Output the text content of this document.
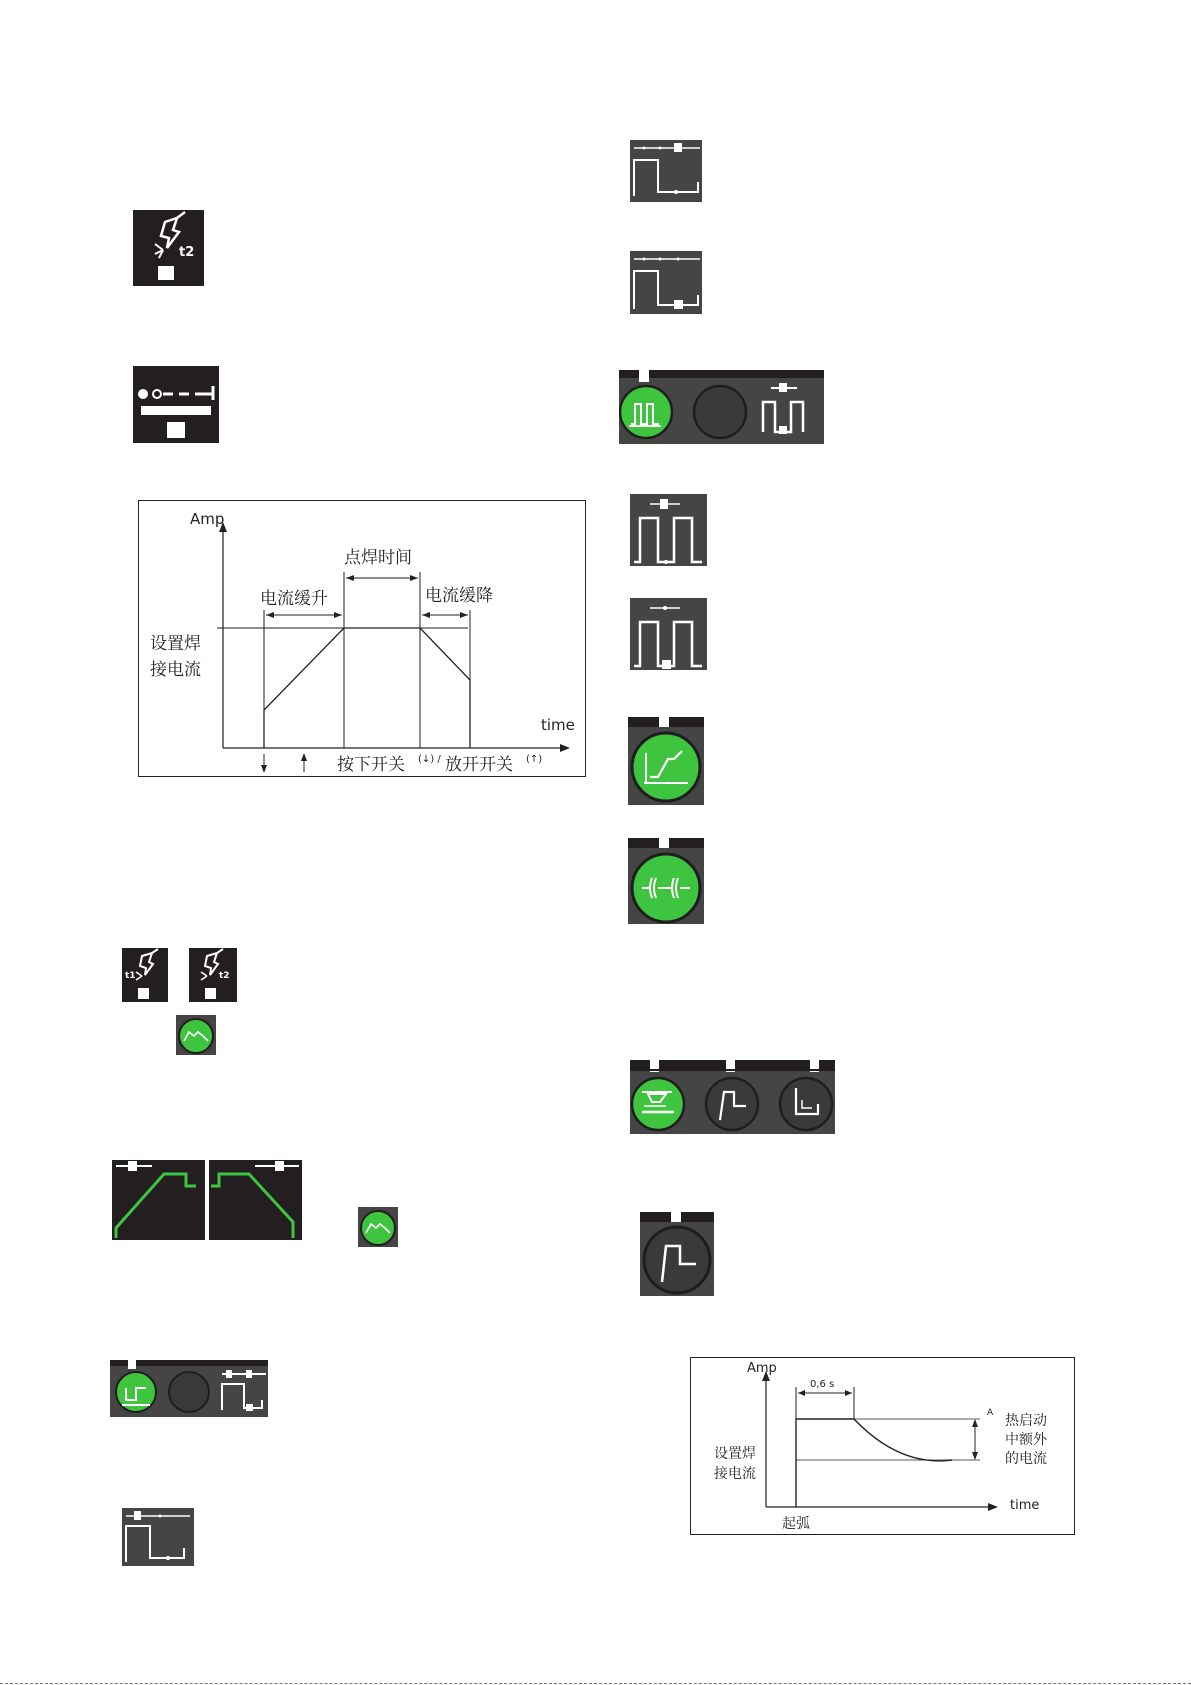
t2
Amp
time
设置焊
接电流
点焊时间
电流缓升	电流缓降
按下开关 (↓) / 放开开关 (↑)
t1	t2
Amp
time
0,6 s
A 热启动
中额外
的电流
设置焊
接电流
起弧
